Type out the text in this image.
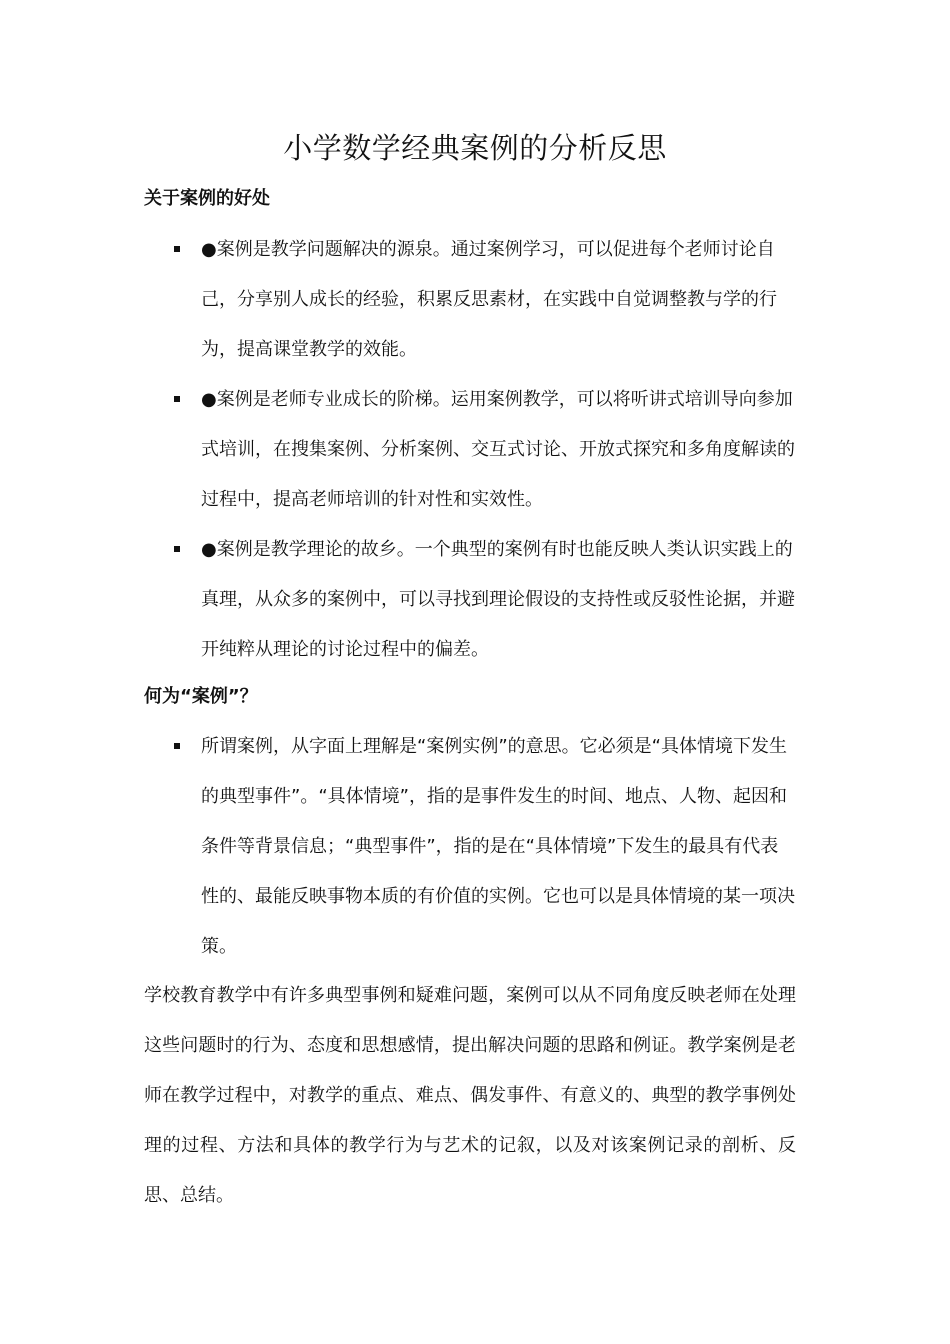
小学数学经典案例的分析反思
关于案例的好处
●案例是教学问题解决的源泉。通过案例学习，可以促进每个老师讨论自己，分享别人成长的经验，积累反思素材，在实践中自觉调整教与学的行为，提高课堂教学的效能。
●案例是老师专业成长的阶梯。运用案例教学，可以将听讲式培训导向参加式培训，在搜集案例、分析案例、交互式讨论、开放式探究和多角度解读的过程中，提高老师培训的针对性和实效性。
●案例是教学理论的故乡。一个典型的案例有时也能反映人类认识实践上的真理，从众多的案例中，可以寻找到理论假设的支持性或反驳性论据，并避开纯粹从理论的讨论过程中的偏差。
何为“案例”？
所谓案例，从字面上理解是“案例实例”的意思。它必须是“具体情境下发生的典型事件”。“具体情境”，指的是事件发生的时间、地点、人物、起因和条件等背景信息；“典型事件”，指的是在“具体情境”下发生的最具有代表性的、最能反映事物本质的有价值的实例。它也可以是具体情境的某一项决策。
学校教育教学中有许多典型事例和疑难问题，案例可以从不同角度反映老师在处理这些问题时的行为、态度和思想感情，提出解决问题的思路和例证。教学案例是老师在教学过程中，对教学的重点、难点、偶发事件、有意义的、典型的教学事例处理的过程、方法和具体的教学行为与艺术的记叙，以及对该案例记录的剖析、反思、总结。
